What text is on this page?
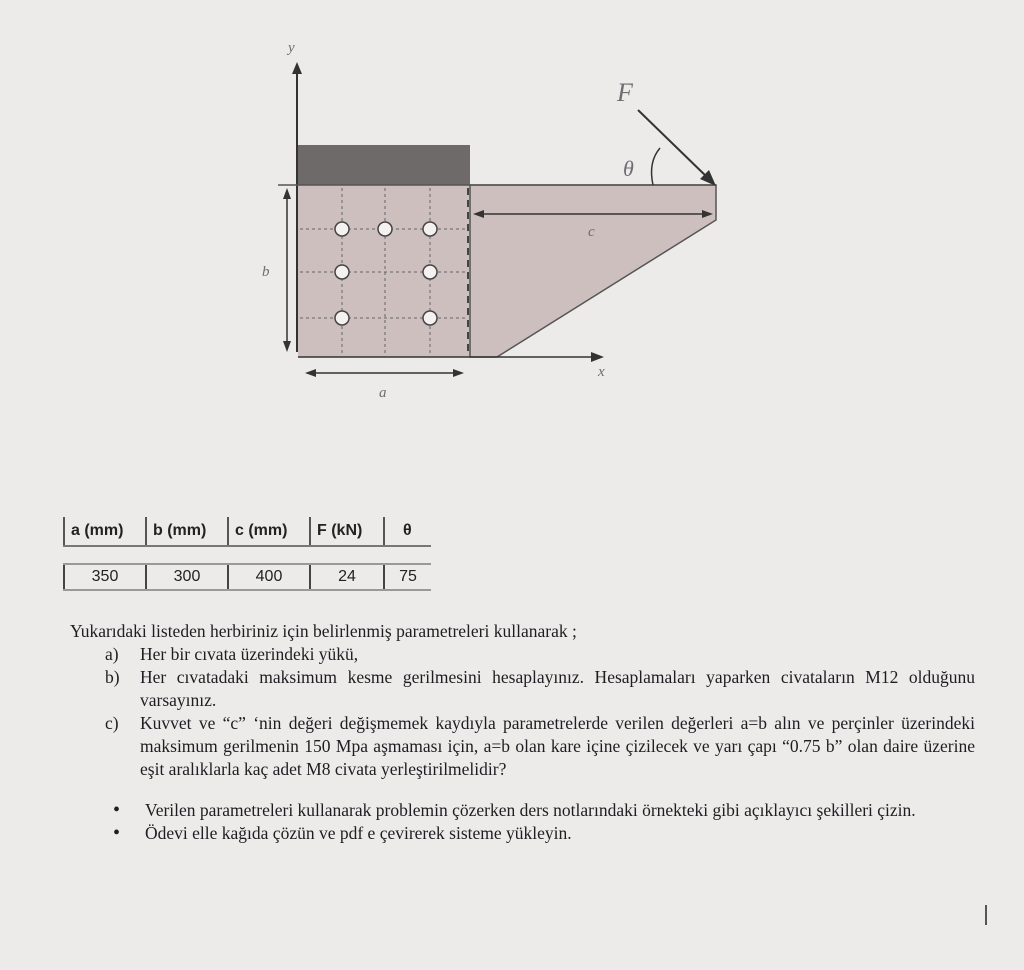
y
x
b
a
c
F
θ
a (mm)	b (mm)	c (mm)	F (kN)	θ

350	300	400	24	75

Yukarıdaki listeden herbiriniz için belirlenmiş parametreleri kullanarak ;

a) Her bir cıvata üzerindeki yükü,
b) Her cıvatadaki maksimum kesme gerilmesini hesaplayınız. Hesaplamaları yaparken civataların M12 olduğunu varsayınız.
c) Kuvvet ve “c” ‘nin değeri değişmemek kaydıyla parametrelerde verilen değerleri a=b alın ve perçinler üzerindeki maksimum gerilmenin 150 Mpa aşmaması için, a=b olan kare içine çizilecek ve yarı çapı “0.75 b” olan daire üzerine eşit aralıklarla kaç adet M8 civata yerleştirilmelidir?
• Verilen parametreleri kullanarak problemin çözerken ders notlarındaki örnekteki gibi açıklayıcı şekilleri çizin.
• Ödevi elle kağıda çözün ve pdf e çevirerek sisteme yükleyin.
